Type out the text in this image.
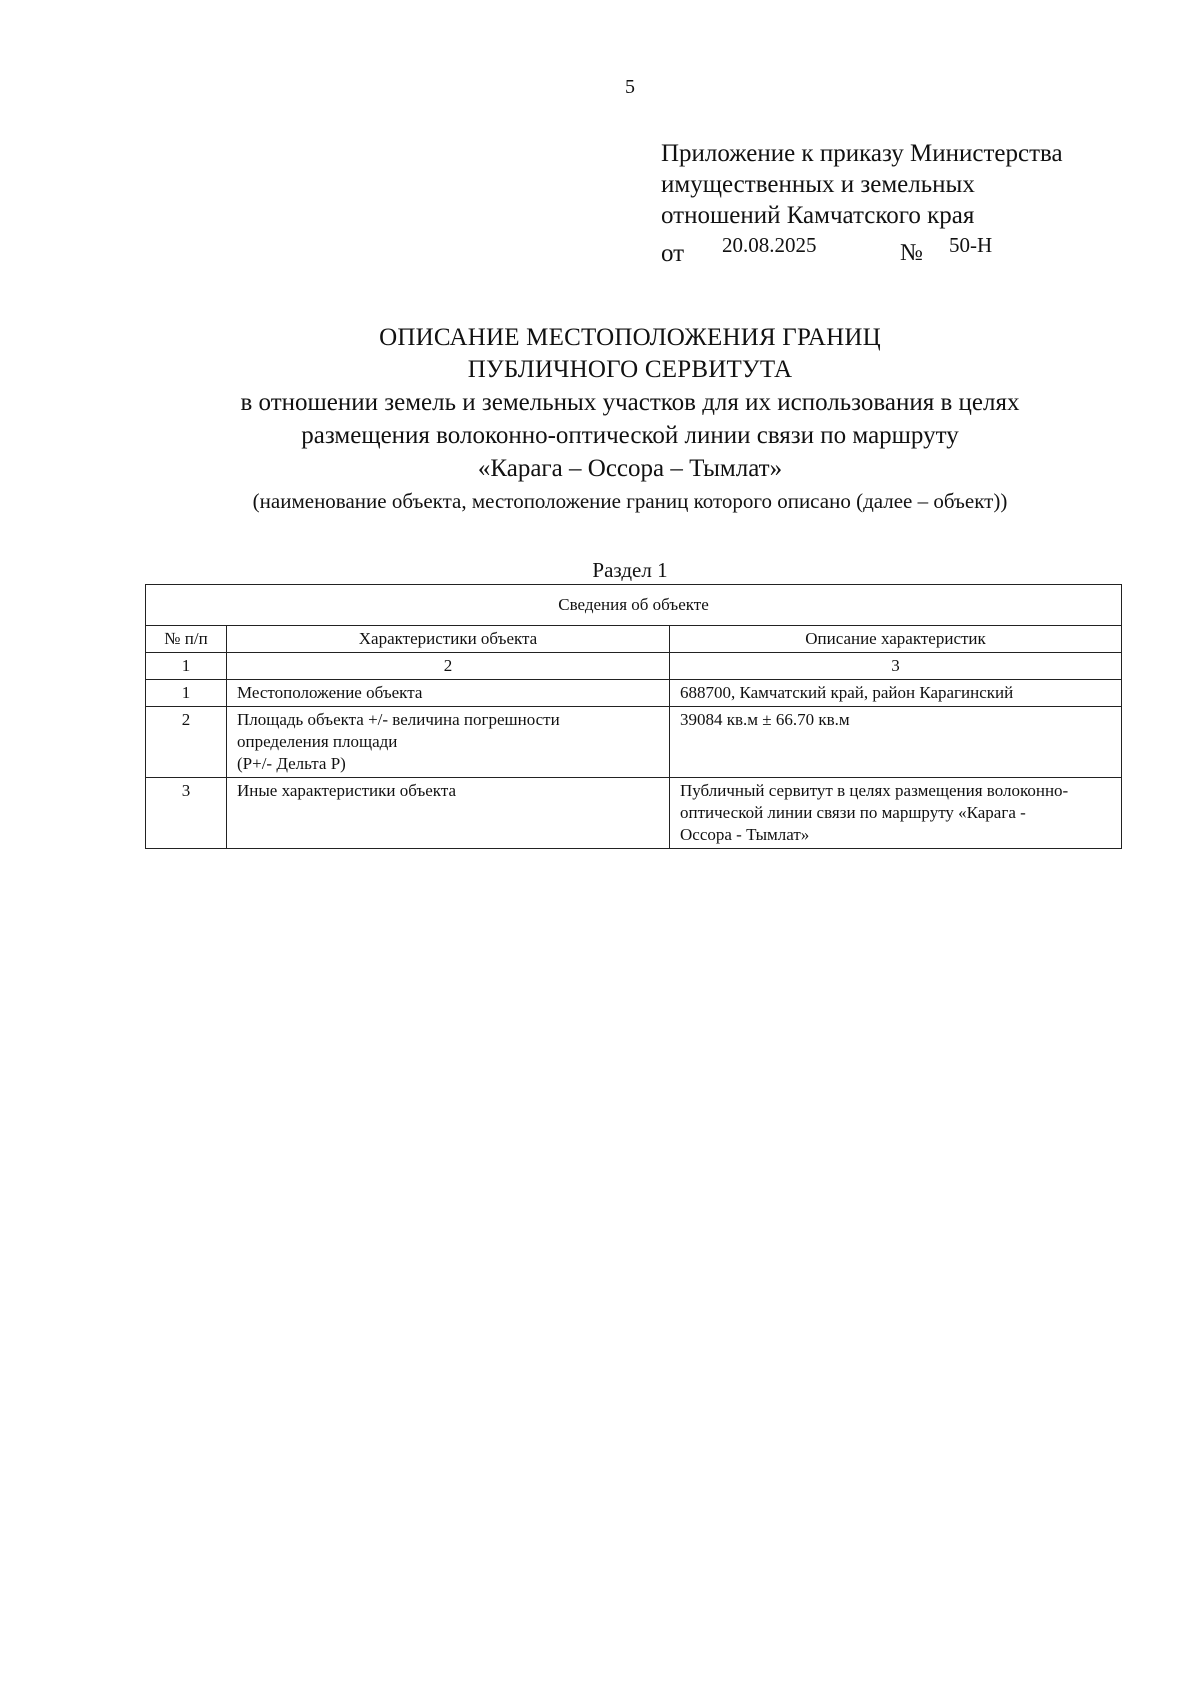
5
Приложение к приказу Министерства
имущественных и земельных
отношений Камчатского края
от 20.08.2025	№ 50-Н
ОПИСАНИЕ МЕСТОПОЛОЖЕНИЯ ГРАНИЦ
ПУБЛИЧНОГО СЕРВИТУТА
в отношении земель и земельных участков для их использования в целях
размещения волоконно-оптической линии связи по маршруту
«Карага – Оссора – Тымлат»
(наименование объекта, местоположение границ которого описано (далее – объект))
Раздел 1
Сведения об объекте		
№ п/п	Характеристики объекта	Описание характеристик
1	2	3
1	Местоположение объекта	688700, Камчатский край, район Карагинский
2	Площадь объекта +/- величина погрешности
определения площади
(Р+/- Дельта Р)	39084 кв.м ± 66.70 кв.м
3	Иные характеристики объекта	Публичный сервитут в целях размещения волоконно-
оптической линии связи по маршруту «Карага -
Оссора - Тымлат»
